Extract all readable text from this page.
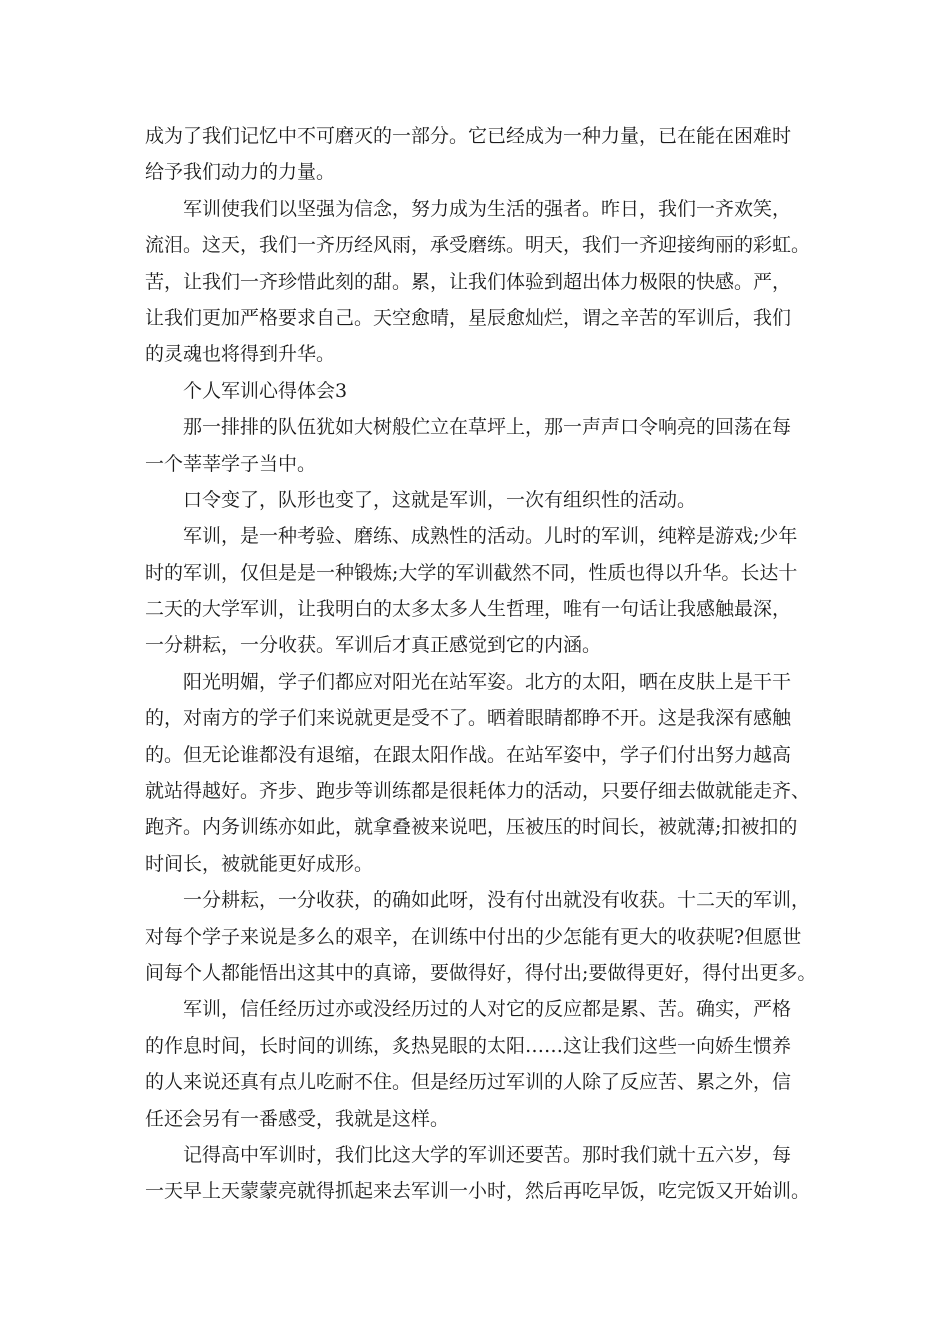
成为了我们记忆中不可磨灭的一部分。它已经成为一种力量，已在能在困难时
给予我们动力的力量。
军训使我们以坚强为信念，努力成为生活的强者。昨日，我们一齐欢笑，
流泪。这天，我们一齐历经风雨，承受磨练。明天，我们一齐迎接绚丽的彩虹。
苦，让我们一齐珍惜此刻的甜。累，让我们体验到超出体力极限的快感。严，
让我们更加严格要求自己。天空愈晴，星辰愈灿烂，谓之辛苦的军训后，我们
的灵魂也将得到升华。
个人军训心得体会3
那一排排的队伍犹如大树般伫立在草坪上，那一声声口令响亮的回荡在每
一个莘莘学子当中。
口令变了，队形也变了，这就是军训，一次有组织性的活动。
军训，是一种考验、磨练、成熟性的活动。儿时的军训，纯粹是游戏;少年
时的军训，仅但是是一种锻炼;大学的军训截然不同，性质也得以升华。长达十
二天的大学军训，让我明白的太多太多人生哲理，唯有一句话让我感触最深，
一分耕耘，一分收获。军训后才真正感觉到它的内涵。
阳光明媚，学子们都应对阳光在站军姿。北方的太阳，晒在皮肤上是干干
的，对南方的学子们来说就更是受不了。晒着眼睛都睁不开。这是我深有感触
的。但无论谁都没有退缩，在跟太阳作战。在站军姿中，学子们付出努力越高
就站得越好。齐步、跑步等训练都是很耗体力的活动，只要仔细去做就能走齐、
跑齐。内务训练亦如此，就拿叠被来说吧，压被压的时间长，被就薄;扣被扣的
时间长，被就能更好成形。
一分耕耘，一分收获，的确如此呀，没有付出就没有收获。十二天的军训，
对每个学子来说是多么的艰辛，在训练中付出的少怎能有更大的收获呢?但愿世
间每个人都能悟出这其中的真谛，要做得好，得付出;要做得更好，得付出更多。
军训，信任经历过亦或没经历过的人对它的反应都是累、苦。确实，严格
的作息时间，长时间的训练，炙热晃眼的太阳……这让我们这些一向娇生惯养
的人来说还真有点儿吃耐不住。但是经历过军训的人除了反应苦、累之外，信
任还会另有一番感受，我就是这样。
记得高中军训时，我们比这大学的军训还要苦。那时我们就十五六岁，每
一天早上天蒙蒙亮就得抓起来去军训一小时，然后再吃早饭，吃完饭又开始训。
